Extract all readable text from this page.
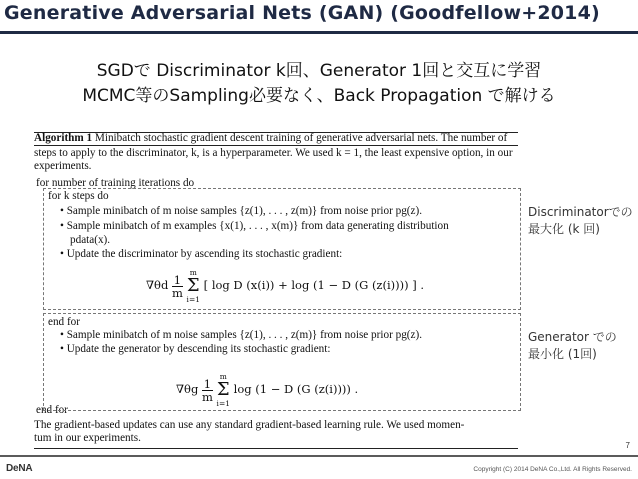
Generative Adversarial Nets (GAN) (Goodfellow+2014)
SGDで Discriminator k回、Generator 1回と交互に学習
MCMC等のSampling必要なく、Back Propagation で解ける
Algorithm 1 Minibatch stochastic gradient descent training of generative adversarial nets. The number of
steps to apply to the discriminator, k, is a hyperparameter. We used k = 1, the least expensive option, in our
experiments.
for number of training iterations do
for k steps do
• Sample minibatch of m noise samples {z(1), . . . , z(m)} from noise prior pg(z).
• Sample minibatch of m examples {x(1), . . . , x(m)} from data generating distribution
pdata(x).
• Update the discriminator by ascending its stochastic gradient:
end for
• Sample minibatch of m noise samples {z(1), . . . , z(m)} from noise prior pg(z).
• Update the generator by descending its stochastic gradient:
end for
The gradient-based updates can use any standard gradient-based learning rule. We used momen-
tum in our experiments.
$\nabla\theta d \frac{1}{m}$
m
Σ
i=1 [ log D (x(i)) + log (1 − D (G (z(i)))) ] .
$\nabla\theta g \frac{1}{m}$
m
Σ
i=1 log (1 − D (G (z(i)))) .
Discriminatorでの
最大化 (k 回)
Generator での
最小化 (1回)
7
DeNA	Copyright (C) 2014 DeNA Co.,Ltd. All Rights Reserved.
